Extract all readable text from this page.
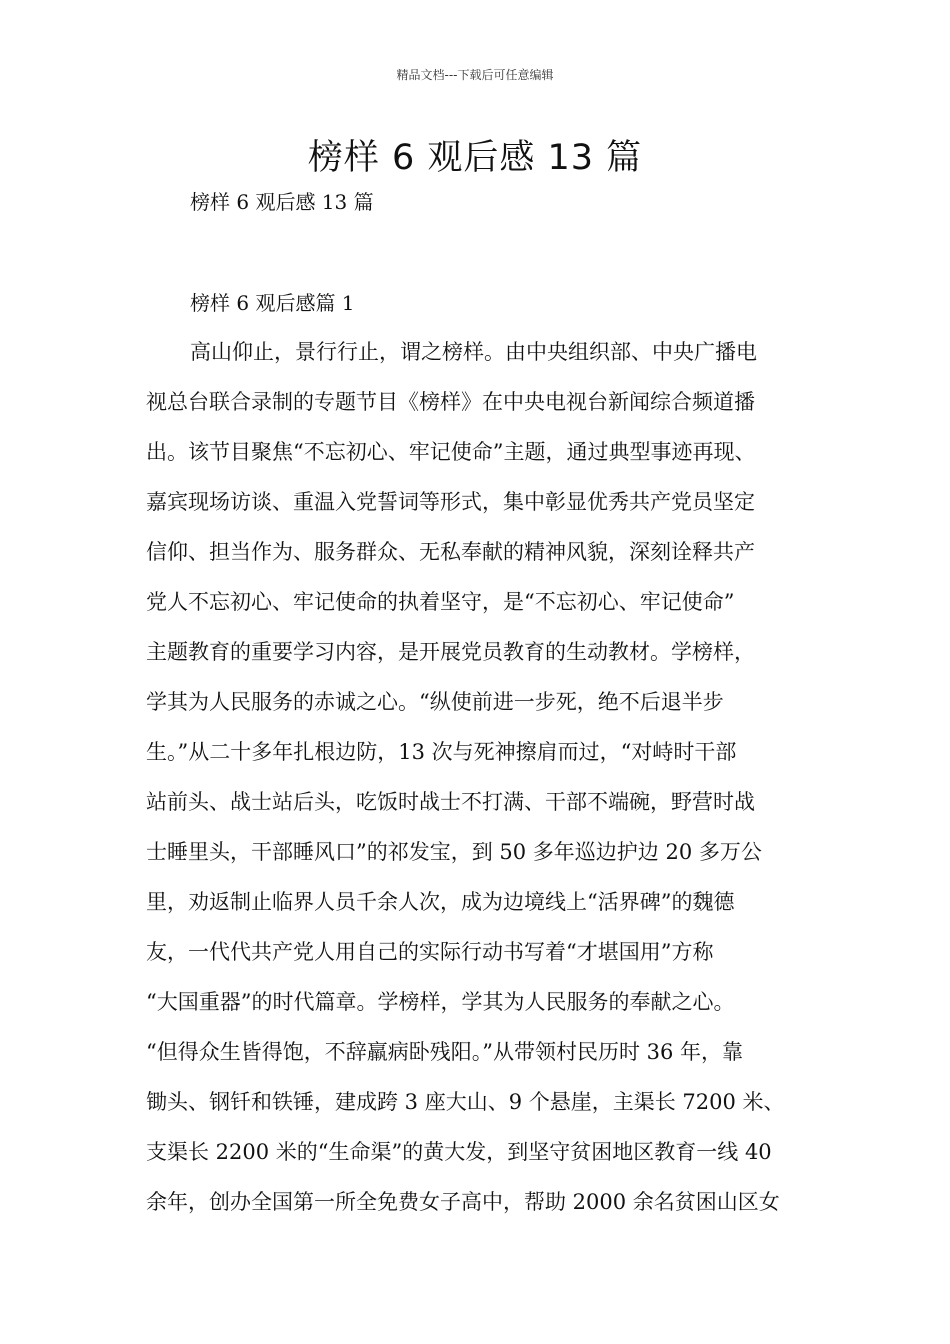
精品文档---下载后可任意编辑
榜样 6 观后感 13 篇
榜样 6 观后感 13 篇
榜样 6 观后感篇 1
高山仰止，景行行止，谓之榜样。由中央组织部、中央广播电
视总台联合录制的专题节目《榜样》在中央电视台新闻综合频道播
出。该节目聚焦“不忘初心、牢记使命”主题，通过典型事迹再现、
嘉宾现场访谈、重温入党誓词等形式，集中彰显优秀共产党员坚定
信仰、担当作为、服务群众、无私奉献的精神风貌，深刻诠释共产
党人不忘初心、牢记使命的执着坚守，是“不忘初心、牢记使命”
主题教育的重要学习内容，是开展党员教育的生动教材。学榜样，
学其为人民服务的赤诚之心。“纵使前进一步死，绝不后退半步
生。”从二十多年扎根边防，13 次与死神擦肩而过，“对峙时干部
站前头、战士站后头，吃饭时战士不打满、干部不端碗，野营时战
士睡里头，干部睡风口”的祁发宝，到 50 多年巡边护边 20 多万公
里，劝返制止临界人员千余人次，成为边境线上“活界碑”的魏德
友，一代代共产党人用自己的实际行动书写着“才堪国用”方称
“大国重器”的时代篇章。学榜样，学其为人民服务的奉献之心。
“但得众生皆得饱，不辞羸病卧残阳。”从带领村民历时 36 年，靠
锄头、钢钎和铁锤，建成跨 3 座大山、9 个悬崖，主渠长 7200 米、
支渠长 2200 米的“生命渠”的黄大发，到坚守贫困地区教育一线 40
余年，创办全国第一所全免费女子高中，帮助 2000 余名贫困山区女
